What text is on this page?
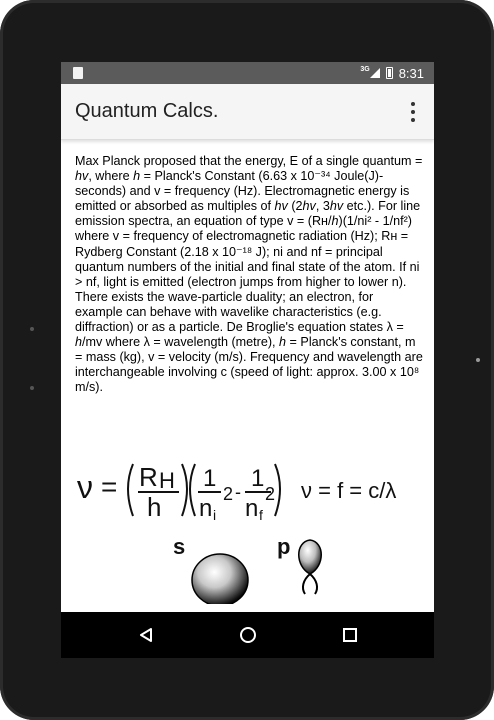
3G 8:31
Quantum Calcs.
Max Planck proposed that the energy, E of a single quantum = hv, where h = Planck's Constant (6.63 x 10⁻³⁴ Joule(J)-seconds) and v = frequency (Hz). Electromagnetic energy is emitted or absorbed as multiples of hv (2hv, 3hv etc.). For line emission spectra, an equation of type v = (Rн/h)(1/ni² - 1/nf²) where v = frequency of electromagnetic radiation (Hz); Rн = Rydberg Constant (2.18 x 10⁻¹⁸ J); ni and nf = principal quantum numbers of the initial and final state of the atom. If ni > nf, light is emitted (electron jumps from higher to lower n). There exists the wave-particle duality; an electron, for example can behave with wavelike characteristics (e.g. diffraction) or as a particle. De Broglie's equation states λ = h/mv where λ = wavelength (metre), h = Planck's constant, m = mass (kg), v = velocity (m/s). Frequency and wavelength are interchangeable involving c (speed of light: approx. 3.00 x 10⁸ m/s).
ν = R H
h
1
n i
2 - 1
n f
2 ν = f = c/λ
s	p
